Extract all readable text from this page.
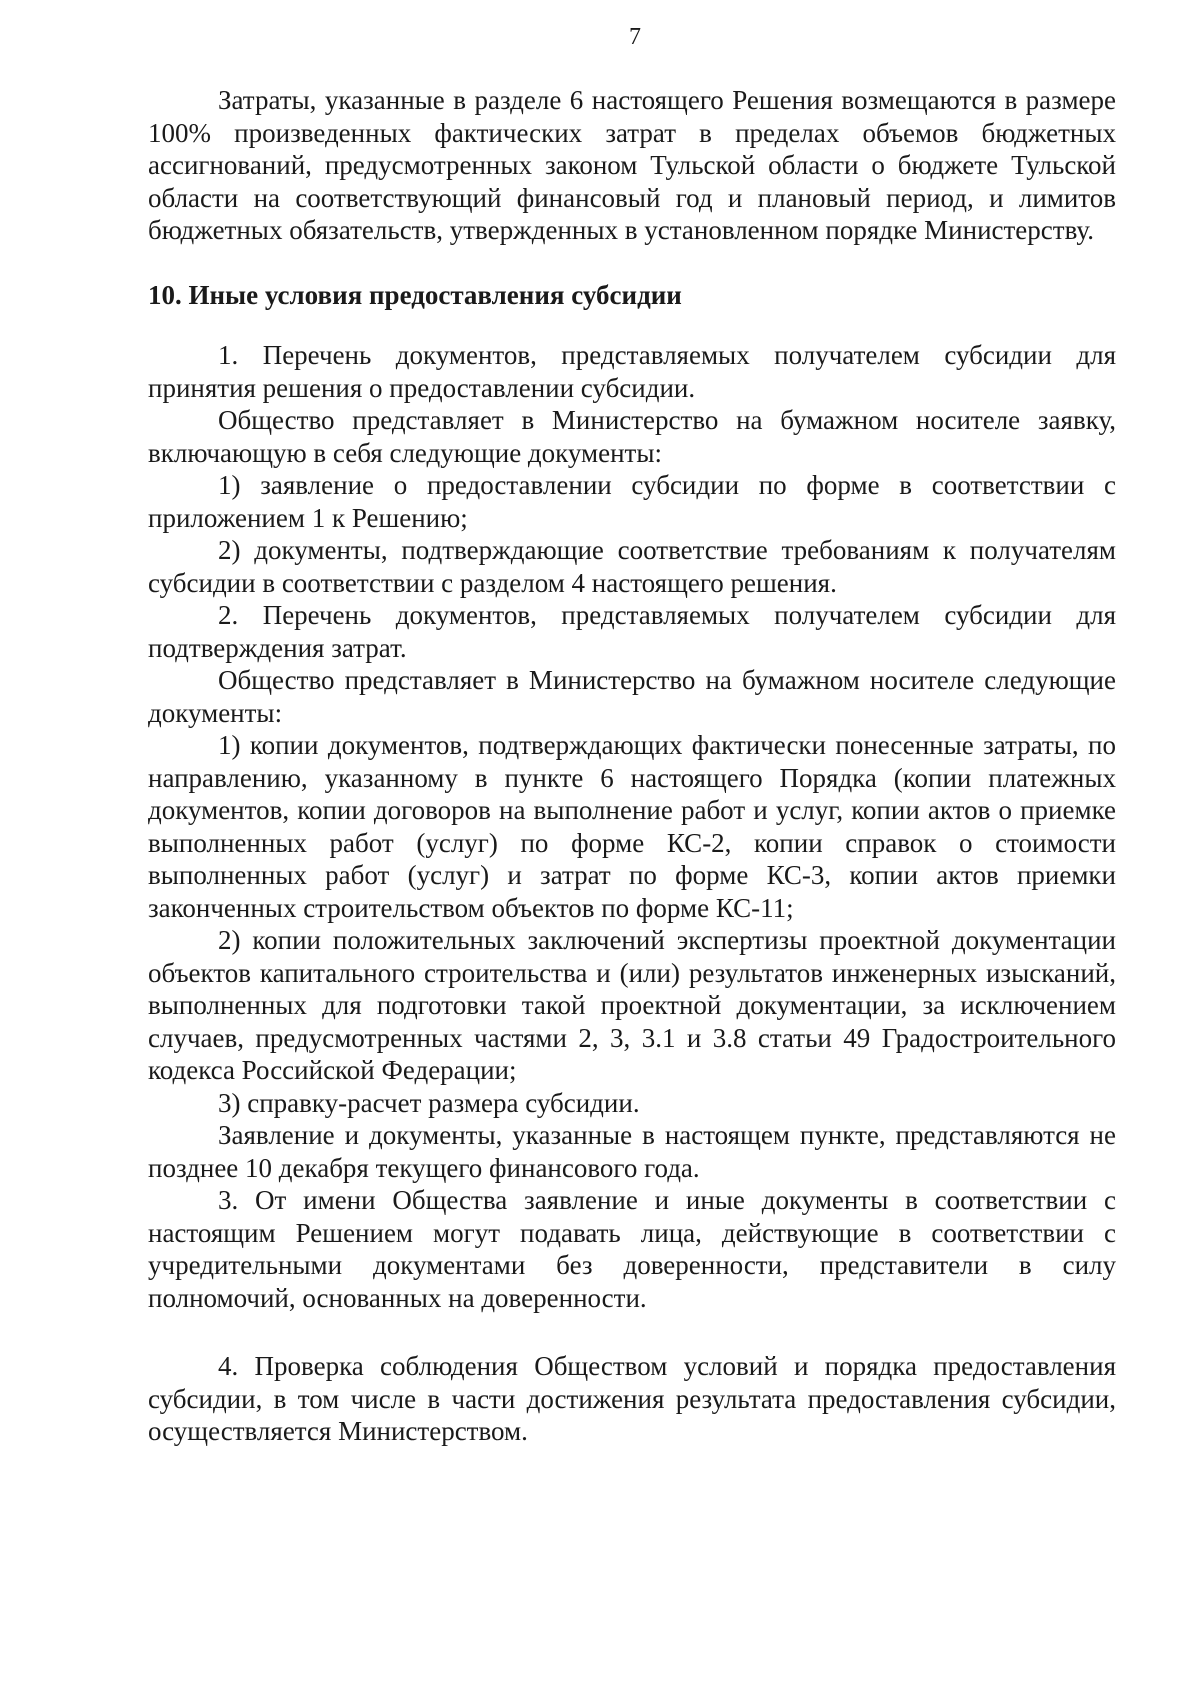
7

Затраты, указанные в разделе 6 настоящего Решения возмещаются в размере 100% произведенных фактических затрат в пределах объемов бюджетных ассигнований, предусмотренных законом Тульской области о бюджете Тульской области на соответствующий финансовый год и плановый период, и лимитов бюджетных обязательств, утвержденных в установленном порядке Министерству.

10. Иные условия предоставления субсидии

1. Перечень документов, представляемых получателем субсидии для принятия решения о предоставлении субсидии.

Общество представляет в Министерство на бумажном носителе заявку, включающую в себя следующие документы:

1) заявление о предоставлении субсидии по форме в соответствии с приложением 1 к Решению;

2) документы, подтверждающие соответствие требованиям к получателям субсидии в соответствии с разделом 4 настоящего решения.

2. Перечень документов, представляемых получателем субсидии для подтверждения затрат.

Общество представляет в Министерство на бумажном носителе следующие документы:

1) копии документов, подтверждающих фактически понесенные затраты, по направлению, указанному в пункте 6 настоящего Порядка (копии платежных документов, копии договоров на выполнение работ и услуг, копии актов о приемке выполненных работ (услуг) по форме КС-2, копии справок о стоимости выполненных работ (услуг) и затрат по форме КС-3, копии актов приемки законченных строительством объектов по форме КС-11;

2) копии положительных заключений экспертизы проектной документации объектов капитального строительства и (или) результатов инженерных изысканий, выполненных для подготовки такой проектной документации, за исключением случаев, предусмотренных частями 2, 3, 3.1 и 3.8 статьи 49 Градостроительного кодекса Российской Федерации;

3) справку-расчет размера субсидии.

Заявление и документы, указанные в настоящем пункте, представляются не позднее 10 декабря текущего финансового года.

3. От имени Общества заявление и иные документы в соответствии с настоящим Решением могут подавать лица, действующие в соответствии с учредительными документами без доверенности, представители в силу полномочий, основанных на доверенности.

4. Проверка соблюдения Обществом условий и порядка предоставления субсидии, в том числе в части достижения результата предоставления субсидии, осуществляется Министерством.
